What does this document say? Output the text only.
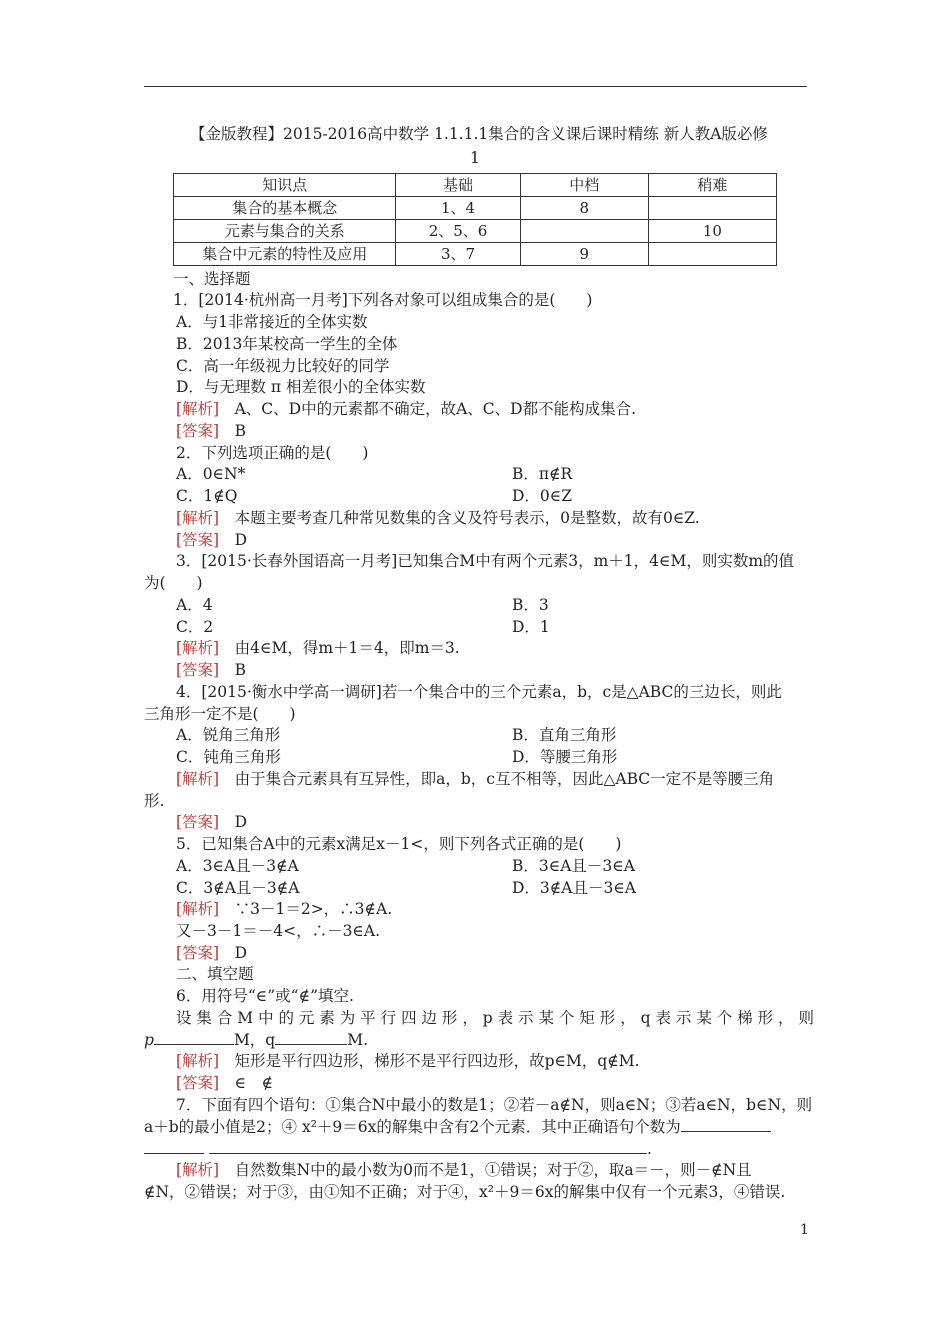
【金版教程】2015-2016高中数学 1.1.1.1集合的含义课后课时精练 新人教A版必修
1
知识点	基础	中档	稍难
集合的基本概念	1、4	8	
元素与集合的关系	2、5、6		10
集合中元素的特性及应用	3、7	9	
一、选择题
1．[2014·杭州高一月考]下列各对象可以组成集合的是(　　)
A．与1非常接近的全体实数
B．2013年某校高一学生的全体
C．高一年级视力比较好的同学
D．与无理数 π 相差很小的全体实数
[解析]　A、C、D中的元素都不确定，故A、C、D都不能构成集合.
[答案]　B
2．下列选项正确的是(　　)
A．0∈N*	B．π∉R
C．1∉Q	D．0∈Z
[解析]　本题主要考查几种常见数集的含义及符号表示，0是整数，故有0∈Z.
[答案]　D
3．[2015·长春外国语高一月考]已知集合M中有两个元素3，m＋1，4∈M，则实数m的值
为(　　)
A．4	B．3
C．2	D．1
[解析]　由4∈M，得m＋1＝4，即m＝3.
[答案]　B
4．[2015·衡水中学高一调研]若一个集合中的三个元素a，b，c是△ABC的三边长，则此
三角形一定不是(　　)
A．锐角三角形	B．直角三角形
C．钝角三角形	D．等腰三角形
[解析]　由于集合元素具有互异性，即a，b，c互不相等，因此△ABC一定不是等腰三角
形.
[答案]　D
5．已知集合A中的元素x满足x－1<，则下列各式正确的是(　　)
A．3∈A且－3∉A	B．3∈A且－3∈A
C．3∉A且－3∉A	D．3∉A且－3∈A
[解析]　∵3－1＝2>，∴3∉A.
又－3－1＝－4<，∴－3∈A.
[答案]　D
二、填空题
6．用符号“∈”或“∉”填空.
设 集 合 M 中 的 元 素 为 平 行 四 边 形 ， p 表 示 某 个 矩 形 ， q 表 示 某 个 梯 形 ， 则
p	M，q	M.
[解析]　矩形是平行四边形，梯形不是平行四边形，故p∈M，q∉M.
[答案]　∈　∉
7．下面有四个语句：①集合N中最小的数是1；②若－a∉N，则a∈N；③若a∈N，b∈N，则
a＋b的最小值是2；④ x²＋9＝6x的解集中含有2个元素．其中正确语句个数为
.
[解析]　自然数集N中的最小数为0而不是1，①错误；对于②，取a＝－，则－∉N且
∉N，②错误；对于③，由①知不正确；对于④，x²＋9＝6x的解集中仅有一个元素3，④错误.
1
